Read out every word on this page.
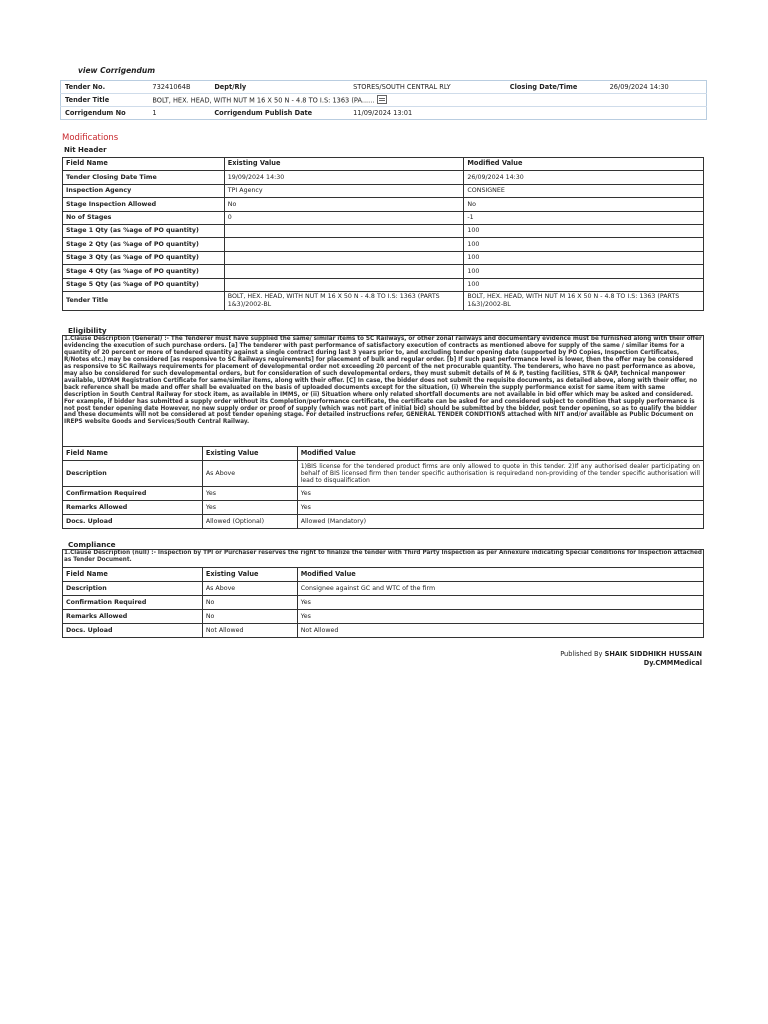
view Corrigendum
Tender No.	73241064B	Dept/Rly	STORES/SOUTH CENTRAL RLY	Closing Date/Time	26/09/2024 14:30
Tender Title	BOLT, HEX. HEAD, WITH NUT M 16 X 50 N - 4.8 TO I.S: 1363 (PA......				
Corrigendum No	1	Corrigendum Publish Date	11/09/2024 13:01		
Modifications
Nit Header
Field Name	Existing Value	Modified Value
Tender Closing Date Time	19/09/2024 14:30	26/09/2024 14:30
Inspection Agency	TPI Agency	CONSIGNEE
Stage Inspection Allowed	No	No
No of Stages	0	-1
Stage 1 Qty (as %age of PO quantity)		100
Stage 2 Qty (as %age of PO quantity)		100
Stage 3 Qty (as %age of PO quantity)		100
Stage 4 Qty (as %age of PO quantity)		100
Stage 5 Qty (as %age of PO quantity)		100
Tender Title	BOLT, HEX. HEAD, WITH NUT M 16 X 50 N - 4.8 TO I.S: 1363 (PARTS 1&3)/2002-BL	BOLT, HEX. HEAD, WITH NUT M 16 X 50 N - 4.8 TO I.S: 1363 (PARTS 1&3)/2002-BL
Eligibility
1.Clause Description (General) :- The Tenderer must have supplied the same/ similar items to SC Railways, or other zonal railways and documentary evidence must be furnished along with their offer evidencing the execution of such purchase orders. [a] The tenderer with past performance of satisfactory execution of contracts as mentioned above for supply of the same / similar items for a quantity of 20 percent or more of tendered quantity against a single contract during last 3 years prior to, and excluding tender opening date (supported by PO Copies, Inspection Certificates, R/Notes etc.) may be considered [as responsive to SC Railways requirements] for placement of bulk and regular order. [b] If such past performance level is lower, then the offer may be considered as responsive to SC Railways requirements for placement of developmental order not exceeding 20 percent of the net procurable quantity. The tenderers, who have no past performance as above, may also be considered for such developmental orders, but for consideration of such developmental orders, they must submit details of M & P, testing facilities, STR & QAP, technical manpower available, UDYAM Registration Certificate for same/similar items, along with their offer. [C] In case, the bidder does not submit the requisite documents, as detailed above, along with their offer, no back reference shall be made and offer shall be evaluated on the basis of uploaded documents except for the situation, (i) Wherein the supply performance exist for same item with same description in South Central Railway for stock item, as available in IMMS, or (ii) Situation where only related shortfall documents are not available in bid offer which may be asked and considered. For example, if bidder has submitted a supply order without its Completion/performance certificate, the certificate can be asked for and considered subject to condition that supply performance is not post tender opening date However, no new supply order or proof of supply (which was not part of initial bid) should be submitted by the bidder, post tender opening, so as to qualify the bidder and these documents will not be considered at post tender opening stage. For detailed instructions refer, GENERAL TENDER CONDITIONS attached with NIT and/or available as Public Document on IREPS website Goods and Services/South Central Railway.
Field Name	Existing Value	Modified Value
Description	As Above	1)BIS license for the tendered product firms are only allowed to quote in this tender. 2)If any authorised dealer participating on behalf of BIS licensed firm then tender specific authorisation is requiredand non-providing of the tender specific authorisation will lead to disqualification
Confirmation Required	Yes	Yes
Remarks Allowed	Yes	Yes
Docs. Upload	Allowed (Optional)	Allowed (Mandatory)
Compliance
1.Clause Description (null) :- Inspection by TPI or Purchaser reserves the right to finalize the tender with Third Party Inspection as per Annexure indicating Special Conditions for Inspection attached as Tender Document.
Field Name	Existing Value	Modified Value
Description	As Above	Consignee against GC and WTC of the firm
Confirmation Required	No	Yes
Remarks Allowed	No	Yes
Docs. Upload	Not Allowed	Not Allowed
Published By SHAIK SIDDHIKH HUSSAIN
Dy.CMMMedical
